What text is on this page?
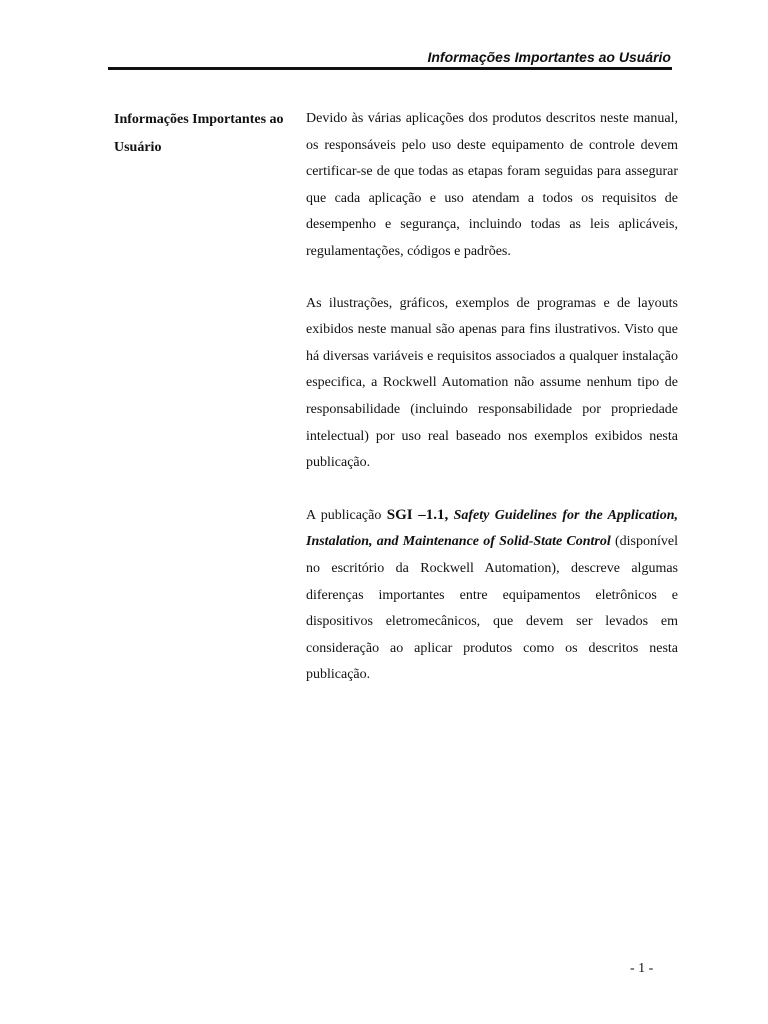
Informações Importantes ao Usuário
Informações Importantes ao
Usuário

Devido às várias aplicações dos produtos descritos neste manual, os responsáveis pelo uso deste equipamento de controle devem certificar-se de que todas as etapas foram seguidas para assegurar que cada aplicação e uso atendam a todos os requisitos de desempenho e segurança, incluindo todas as leis aplicáveis, regulamentações, códigos e padrões.

As ilustrações, gráficos, exemplos de programas e de layouts exibidos neste manual são apenas para fins ilustrativos. Visto que há diversas variáveis e requisitos associados a qualquer instalação especifica, a Rockwell Automation não assume nenhum tipo de responsabilidade (incluindo responsabilidade por propriedade intelectual) por uso real baseado nos exemplos exibidos nesta publicação.

A publicação SGI –1.1, Safety Guidelines for the Application, Instalation, and Maintenance of Solid-State Control (disponível no escritório da Rockwell Automation), descreve algumas diferenças importantes entre equipamentos eletrônicos e dispositivos eletromecânicos, que devem ser levados em consideração ao aplicar produtos como os descritos nesta publicação.

- 1 -
